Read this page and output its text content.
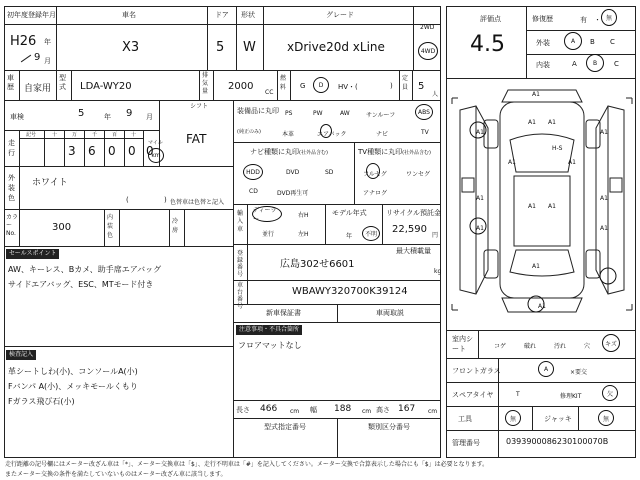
初年度登録年月	車名	ドア 形状	グレード
H26 年
9 月
X3	5 W	xDrive20d xLine
2WD
4WD
車歴 自家用
型式 LDA-WY20
排気量 2000
CC
燃料 G D HV・(	)
定員 5
人
評価点
4.5
修復歴	有 ・ 無
外装	A B C
内装	A	B C
車検	5	年 9 月
シフト
FAT
走行
記号	十	万	千	百	十
3 6 0 0 0
マイル
km
外装色
ホワイト
(	) 色替車は色替と記入
カラーNo.
300
内装色
冷房
セールスポイント
AW、キーレス、Bカメ、助手席エアバッグ
サイドエアバッグ、ESC、MTモード付き
検査記入
革シートしわ(小)、コンソールA(小)
Fバンパ A(小)、メッキモールくもり
Fガラス飛び石(小)
装備品に丸印
(純正のみ)
PS	PW	AW	サンルーフ	ABS
本革	エアバック	ナビ	TV
ナビ種類に丸印(社外品含む)
HDD	DVD	SD
CD	DVD再生可
TV種類に丸印(社外品含む)
フルセグ	ワンセグ
アナログ
輸入車
ディーラー
右H
並行	左H
モデル年式
年 不明
リサイクル預託金
22,590
円
登録番号
広島302せ6601
最大積載量
kg
車台番号
WBAWY320700K39124
新車保証書	車両取説
注意事項・不具合箇所
フロアマットなし
長さ 466 cm 幅 188 cm 高さ 167 cm
型式指定番号	類別区分番号
室内シート	コゲ	破れ	汚れ	穴	キズ
フロントガラス	A	×要交
スペアタイヤ	T	修理KIT	欠
工具	無	ジャッキ	無
管理番号	0393900086230100070B
A1	A1
A1	A1
A1 A1
A1 A1
A1
A1	A1
A1
A1	A1
H-S
A1
走行距離の記号欄にはメーター改ざん車は「*」、メーター交換車は「$」、走行不明車は「#」を記入してください。メーター交換で合算表示した場合にも「$」は必要となります。
またメーター交換の条件を満たしていないものはメーター改ざん車に該当します。
